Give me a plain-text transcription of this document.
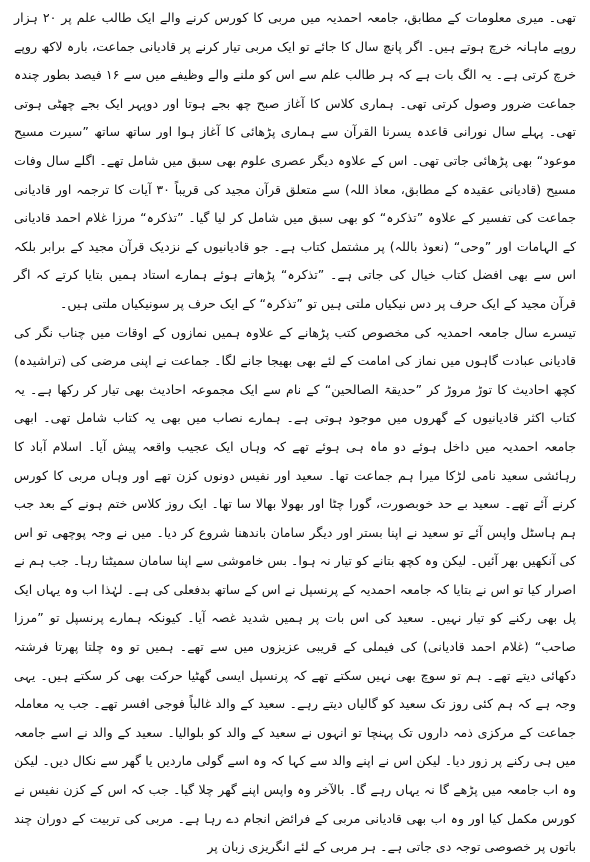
تھی۔ میری معلومات کے مطابق، جامعہ احمدیہ میں مربی کا کورس کرنے والے ایک طالب علم پر ۲۰ ہزار روپے ماہانہ خرچ ہوتے ہیں۔ اگر پانچ سال کا جائے تو ایک مربی تیار کرنے پر قادیانی جماعت، بارہ لاکھ روپے خرچ کرتی ہے۔ یہ الگ بات ہے کہ ہر طالب علم سے اس کو ملنے والے وظیفے میں سے ۱۶ فیصد بطور چندہ جماعت ضرور وصول کرتی تھی۔ ہماری کلاس کا آغاز صبح چھ بجے ہوتا اور دوپہر ایک بجے چھٹی ہوتی تھی۔ پہلے سال نورانی قاعدہ یسرنا القرآن سے ہماری پڑھائی کا آغاز ہوا اور ساتھ ساتھ ”سیرت مسیح موعود“ بھی پڑھائی جاتی تھی۔ اس کے علاوہ دیگر عصری علوم بھی سبق میں شامل تھے۔ اگلے سال وفات مسیح (قادیانی عقیدہ کے مطابق، معاذ اللہ) سے متعلق قرآن مجید کی قریباً ۳۰ آیات کا ترجمہ اور قادیانی جماعت کی تفسیر کے علاوہ ”تذکرہ“ کو بھی سبق میں شامل کر لیا گیا۔ ”تذکرہ“ مرزا غلام احمد قادیانی کے الہامات اور ”وحی“ (نعوذ باللہ) پر مشتمل کتاب ہے۔ جو قادیانیوں کے نزدیک قرآن مجید کے برابر بلکہ اس سے بھی افضل کتاب خیال کی جاتی ہے۔ ”تذکرہ“ پڑھاتے ہوئے ہمارے استاد ہمیں بتایا کرتے کہ اگر قرآن مجید کے ایک حرف پر دس نیکیاں ملتی ہیں تو ”تذکرہ“ کے ایک حرف پر سونیکیاں ملتی ہیں۔

تیسرے سال جامعہ احمدیہ کی مخصوص کتب پڑھانے کے علاوہ ہمیں نمازوں کے اوقات میں چناب نگر کی قادیانی عبادت گاہوں میں نماز کی امامت کے لئے بھی بھیجا جانے لگا۔ جماعت نے اپنی مرضی کی (تراشیدہ) کچھ احادیث کا توڑ مروڑ کر ”حدیقۃ الصالحین“ کے نام سے ایک مجموعہ احادیث بھی تیار کر رکھا ہے۔ یہ کتاب اکثر قادیانیوں کے گھروں میں موجود ہوتی ہے۔ ہمارے نصاب میں بھی یہ کتاب شامل تھی۔ ابھی جامعہ احمدیہ میں داخل ہوئے دو ماہ ہی ہوئے تھے کہ وہاں ایک عجیب واقعہ پیش آیا۔ اسلام آباد کا رہائشی سعید نامی لڑکا میرا ہم جماعت تھا۔ سعید اور نفیس دونوں کزن تھے اور وہاں مربی کا کورس کرنے آئے تھے۔ سعید بے حد خوبصورت، گورا چٹا اور بھولا بھالا سا تھا۔ ایک روز کلاس ختم ہونے کے بعد جب ہم ہاسٹل واپس آئے تو سعید نے اپنا بستر اور دیگر سامان باندھنا شروع کر دیا۔ میں نے وجہ پوچھی تو اس کی آنکھیں بھر آئیں۔ لیکن وہ کچھ بتانے کو تیار نہ ہوا۔ بس خاموشی سے اپنا سامان سمیٹتا رہا۔ جب ہم نے اصرار کیا تو اس نے بتایا کہ جامعہ احمدیہ کے پرنسپل نے اس کے ساتھ بدفعلی کی ہے۔ لہٰذا اب وہ یہاں ایک پل بھی رکنے کو تیار نہیں۔ سعید کی اس بات پر ہمیں شدید غصہ آیا۔ کیونکہ ہمارے پرنسپل تو ”مرزا صاحب“ (غلام احمد قادیانی) کی فیملی کے قریبی عزیزوں میں سے تھے۔ ہمیں تو وہ چلتا پھرتا فرشتہ دکھائی دیتے تھے۔ ہم تو سوچ بھی نہیں سکتے تھے کہ پرنسپل ایسی گھٹیا حرکت بھی کر سکتے ہیں۔ یہی وجہ ہے کہ ہم کئی روز تک سعید کو گالیاں دیتے رہے۔ سعید کے والد غالباً فوجی افسر تھے۔ جب یہ معاملہ جماعت کے مرکزی ذمہ داروں تک پہنچا تو انہوں نے سعید کے والد کو بلوالیا۔ سعید کے والد نے اسے جامعہ میں ہی رکنے پر زور دیا۔ لیکن اس نے اپنے والد سے کہا کہ وہ اسے گولی ماردیں یا گھر سے نکال دیں۔ لیکن وہ اب جامعہ میں پڑھے گا نہ یہاں رہے گا۔ بالآخر وہ واپس اپنے گھر چلا گیا۔ جب کہ اس کے کزن نفیس نے کورس مکمل کیا اور وہ اب بھی قادیانی مربی کے فرائض انجام دے رہا ہے۔ مربی کی تربیت کے دوران چند باتوں پر خصوصی توجہ دی جاتی ہے۔ ہر مربی کے لئے انگریزی زبان پر
